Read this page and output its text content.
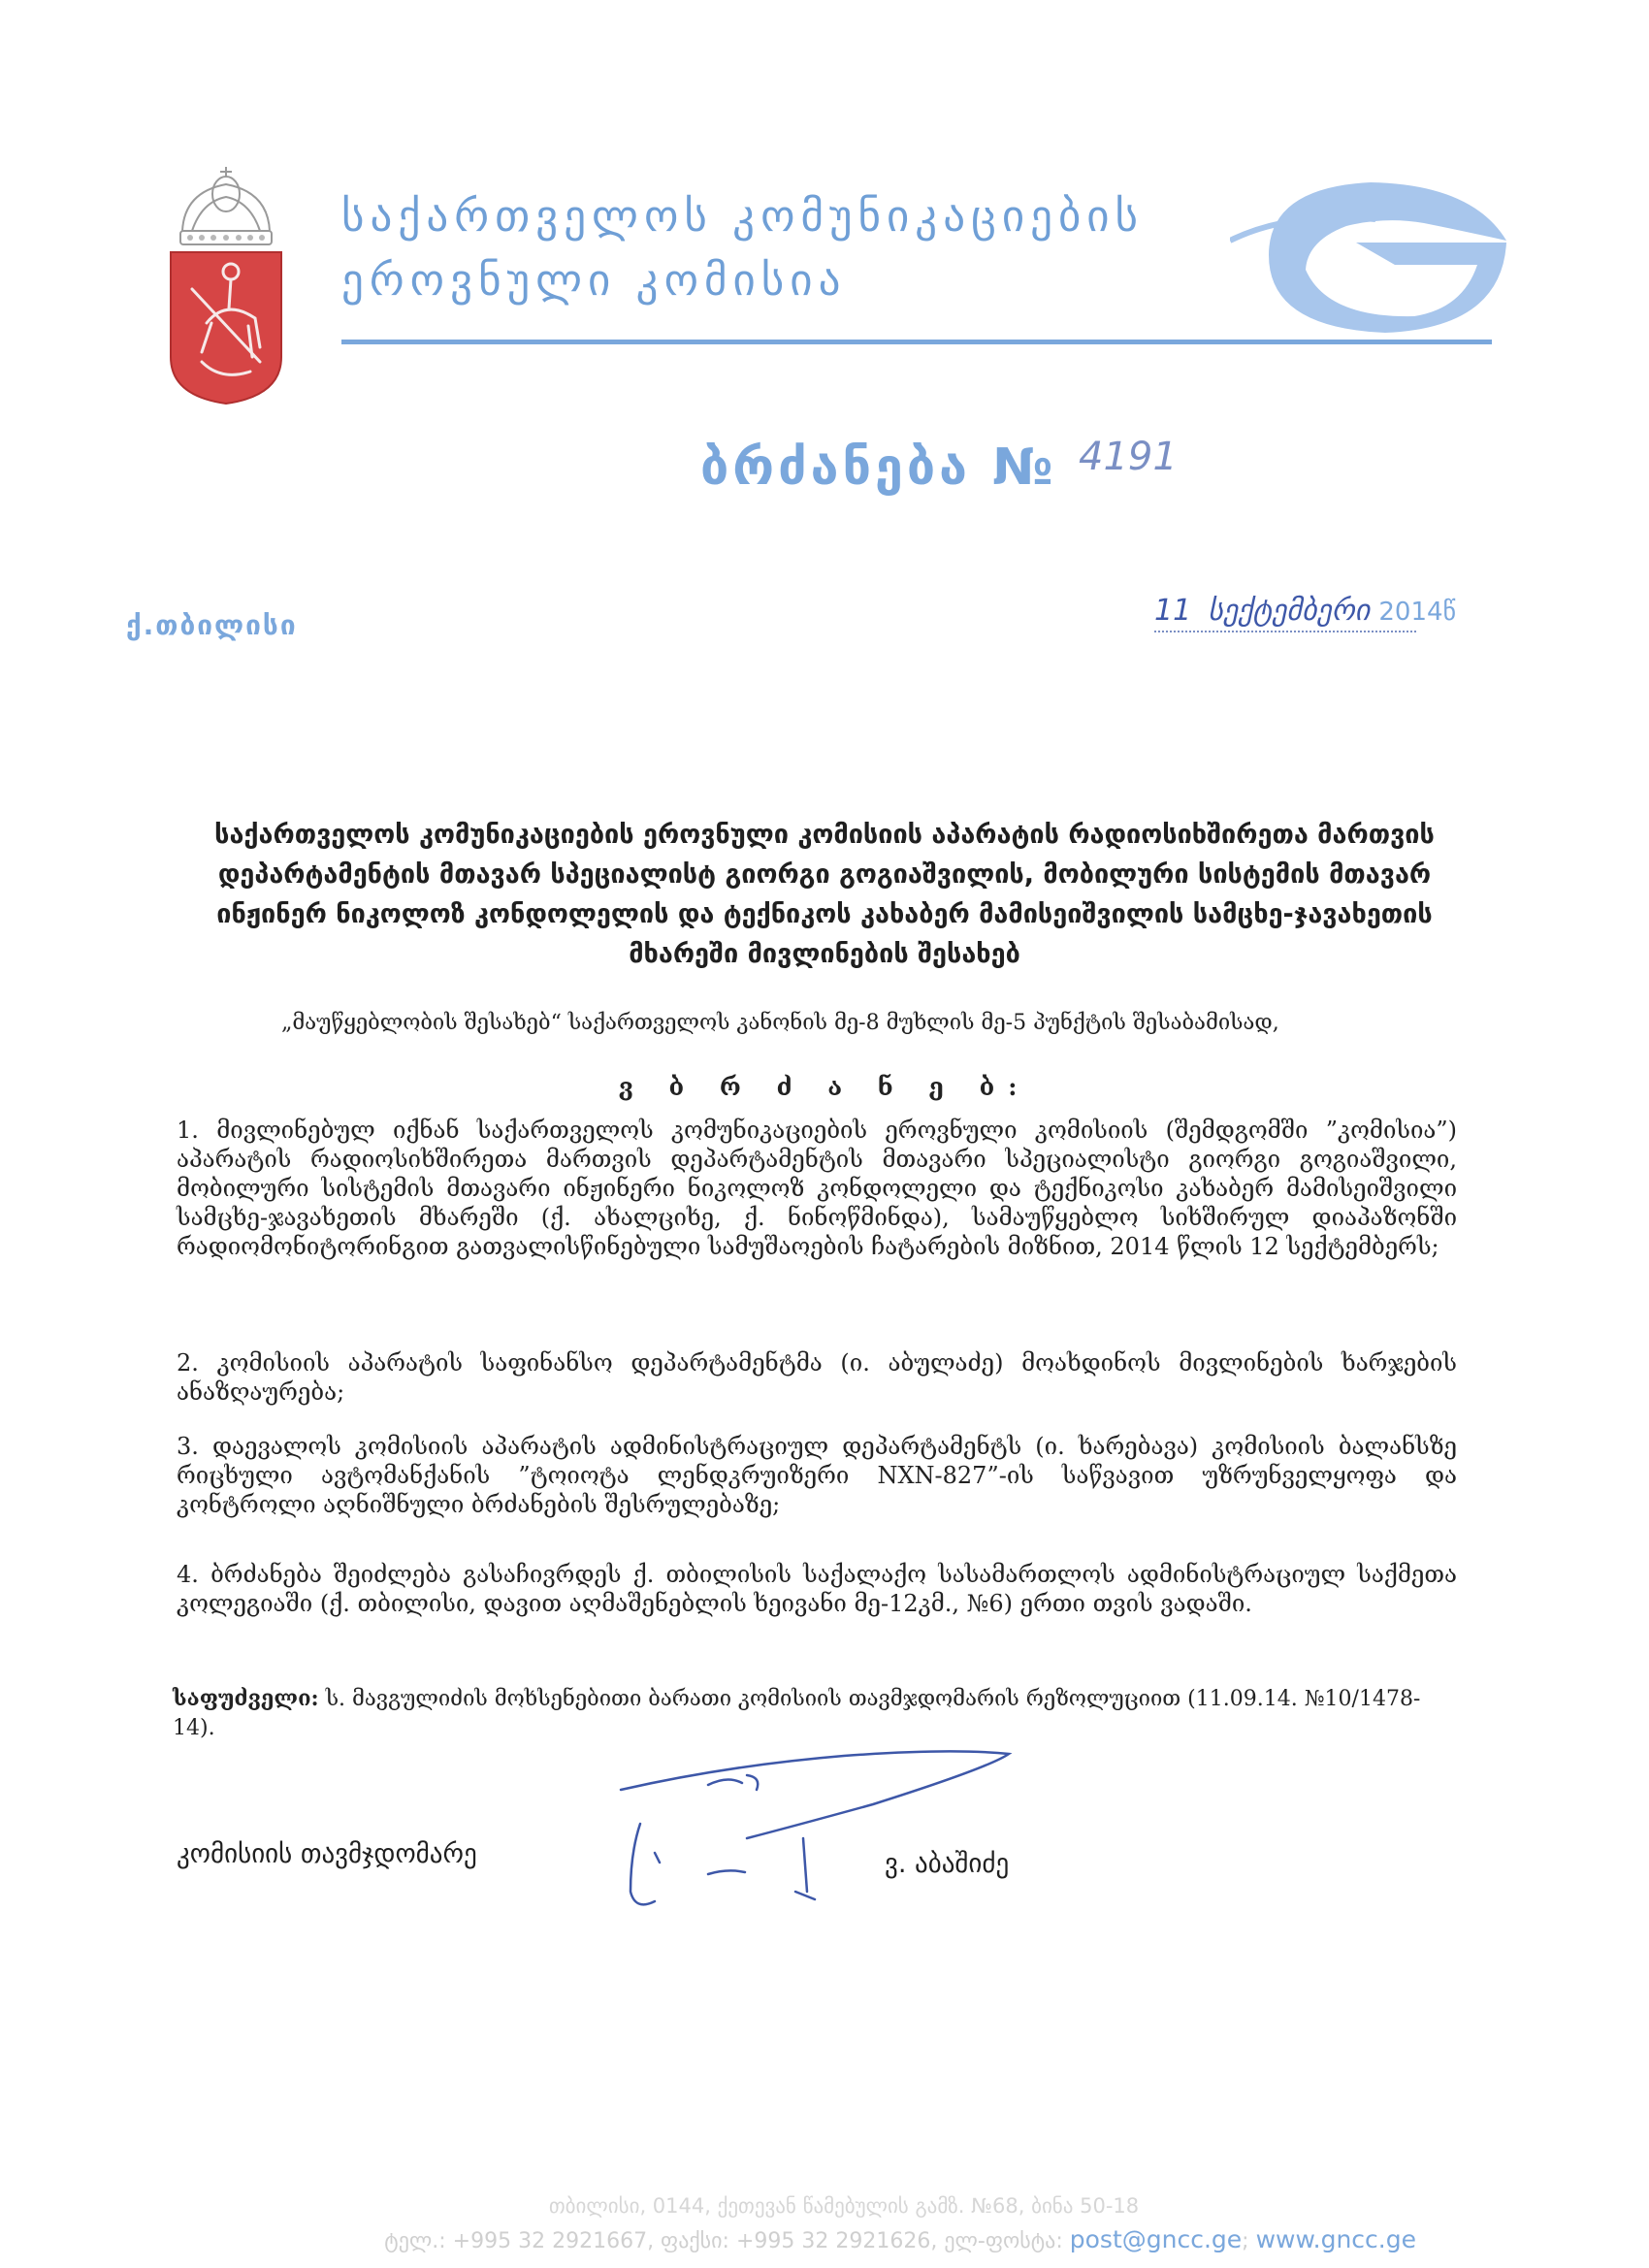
საქართველოს კომუნიკაციების
ეროვნული კომისია
ბრძანება № 4191
ქ.თბილისი	11 სექტემბერი 2014წ
საქართველოს კომუნიკაციების ეროვნული კომისიის აპარატის რადიოსიხშირეთა მართვის დეპარტამენტის მთავარ სპეციალისტ გიორგი გოგიაშვილის, მობილური სისტემის მთავარ ინჟინერ ნიკოლოზ კონდოლელის და ტექნიკოს კახაბერ მამისეიშვილის სამცხე-ჯავახეთის მხარეში მივლინების შესახებ
„მაუწყებლობის შესახებ“ საქართველოს კანონის მე-8 მუხლის მე-5 პუნქტის შესაბამისად,
ვ ბ რ ძ ა ნ ე ბ:
1. მივლინებულ იქნან საქართველოს კომუნიკაციების ეროვნული კომისიის (შემდგომში ”კომისია”) აპარატის რადიოსიხშირეთა მართვის დეპარტამენტის მთავარი სპეციალისტი გიორგი გოგიაშვილი, მობილური სისტემის მთავარი ინჟინერი ნიკოლოზ კონდოლელი და ტექნიკოსი კახაბერ მამისეიშვილი სამცხე-ჯავახეთის მხარეში (ქ. ახალციხე, ქ. ნინოწმინდა), სამაუწყებლო სიხშირულ დიაპაზონში რადიომონიტორინგით გათვალისწინებული სამუშაოების ჩატარების მიზნით, 2014 წლის 12 სექტემბერს;
2. კომისიის აპარატის საფინანსო დეპარტამენტმა (ი. აბულაძე) მოახდინოს მივლინების ხარჯების ანაზღაურება;
3. დაევალოს კომისიის აპარატის ადმინისტრაციულ დეპარტამენტს (ი. ხარებავა) კომისიის ბალანსზე რიცხული ავტომანქანის ”ტოიოტა ლენდკრუიზერი NXN-827”-ის საწვავით უზრუნველყოფა და კონტროლი აღნიშნული ბრძანების შესრულებაზე;
4. ბრძანება შეიძლება გასაჩივრდეს ქ. თბილისის საქალაქო სასამართლოს ადმინისტრაციულ საქმეთა კოლეგიაში (ქ. თბილისი, დავით აღმაშენებლის ხეივანი მე-12კმ., №6) ერთი თვის ვადაში.
საფუძველი: ს. მავგულიძის მოხსენებითი ბარათი კომისიის თავმჯდომარის რეზოლუციით (11.09.14. №10/1478-14).
კომისიის თავმჯდომარე	ვ. აბაშიძე
თბილისი, 0144, ქეთევან წამებულის გამზ. №68, ბინა 50-18
ტელ.: +995 32 2921667, ფაქსი: +995 32 2921626, ელ-ფოსტა: post@gncc.ge; www.gncc.ge
